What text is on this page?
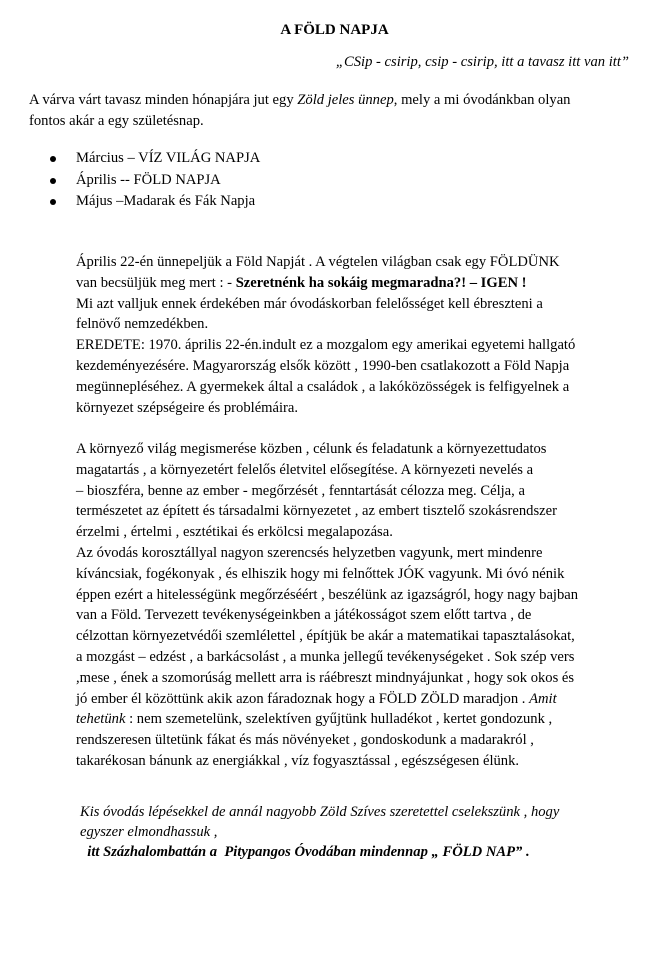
A FÖLD NAPJA
„CSip - csirip, csip - csirip, itt a tavasz itt van itt”
A várva várt tavasz minden hónapjára jut egy Zöld jeles ünnep, mely a mi óvodánkban olyan
fontos akár a egy születésnap.
Március – VÍZ VILÁG NAPJA
Április -- FÖLD NAPJA
Május –Madarak és Fák Napja
Április 22-én ünnepeljük a Föld Napját . A végtelen világban csak egy FÖLDÜNK
van becsüljük meg mert : - Szeretnénk ha sokáig megmaradna?! – IGEN !
Mi azt valljuk ennek érdekében már óvodáskorban felelősséget kell ébreszteni a
felnövő nemzedékben.
EREDETE: 1970. április 22-én.indult ez a mozgalom egy amerikai egyetemi hallgató
kezdeményezésére. Magyarország elsők között , 1990-ben csatlakozott a Föld Napja
megünnepléséhez. A gyermekek által a családok , a lakóközösségek is felfigyelnek a
környezet szépségeire és problémáira.
A környező világ megismerése közben , célunk és feladatunk a környezettudatos
magatartás , a környezetért felelős életvitel elősegítése. A környezeti nevelés a
– bioszféra, benne az ember - megőrzését , fenntartását célozza meg. Célja, a
természetet az épített és társadalmi környezetet , az embert tisztelő szokásrendszer
érzelmi , értelmi , esztétikai és erkölcsi megalapozása.
Az óvodás korosztállyal nagyon szerencsés helyzetben vagyunk, mert mindenre
kíváncsiak, fogékonyak , és elhiszik hogy mi felnőttek JÓK vagyunk. Mi óvó nénik
éppen ezért a hitelességünk megőrzéséért , beszélünk az igazságról, hogy nagy bajban
van a Föld. Tervezett tevékenységeinkben a játékosságot szem előtt tartva , de
célzottan környezetvédői szemlélettel , építjük be akár a matematikai tapasztalásokat,
a mozgást – edzést , a barkácsolást , a munka jellegű tevékenységeket . Sok szép vers
,mese , ének a szomorúság mellett arra is ráébreszt mindnyájunkat , hogy sok okos és
jó ember él közöttünk akik azon fáradoznak hogy a FÖLD ZÖLD maradjon . Amit
tehetünk : nem szemetelünk, szelektíven gyűjtünk hulladékot , kertet gondozunk ,
rendszeresen ültetünk fákat és más növényeket , gondoskodunk a madarakról ,
takarékosan bánunk az energiákkal , víz fogyasztással , egészségesen élünk.
Kis óvodás lépésekkel de annál nagyobb Zöld Szíves szeretettel cselekszünk , hogy
egyszer elmondhassuk ,
itt Százhalombattán a  Pitypangos Óvodában mindennap „ FÖLD NAP” .
